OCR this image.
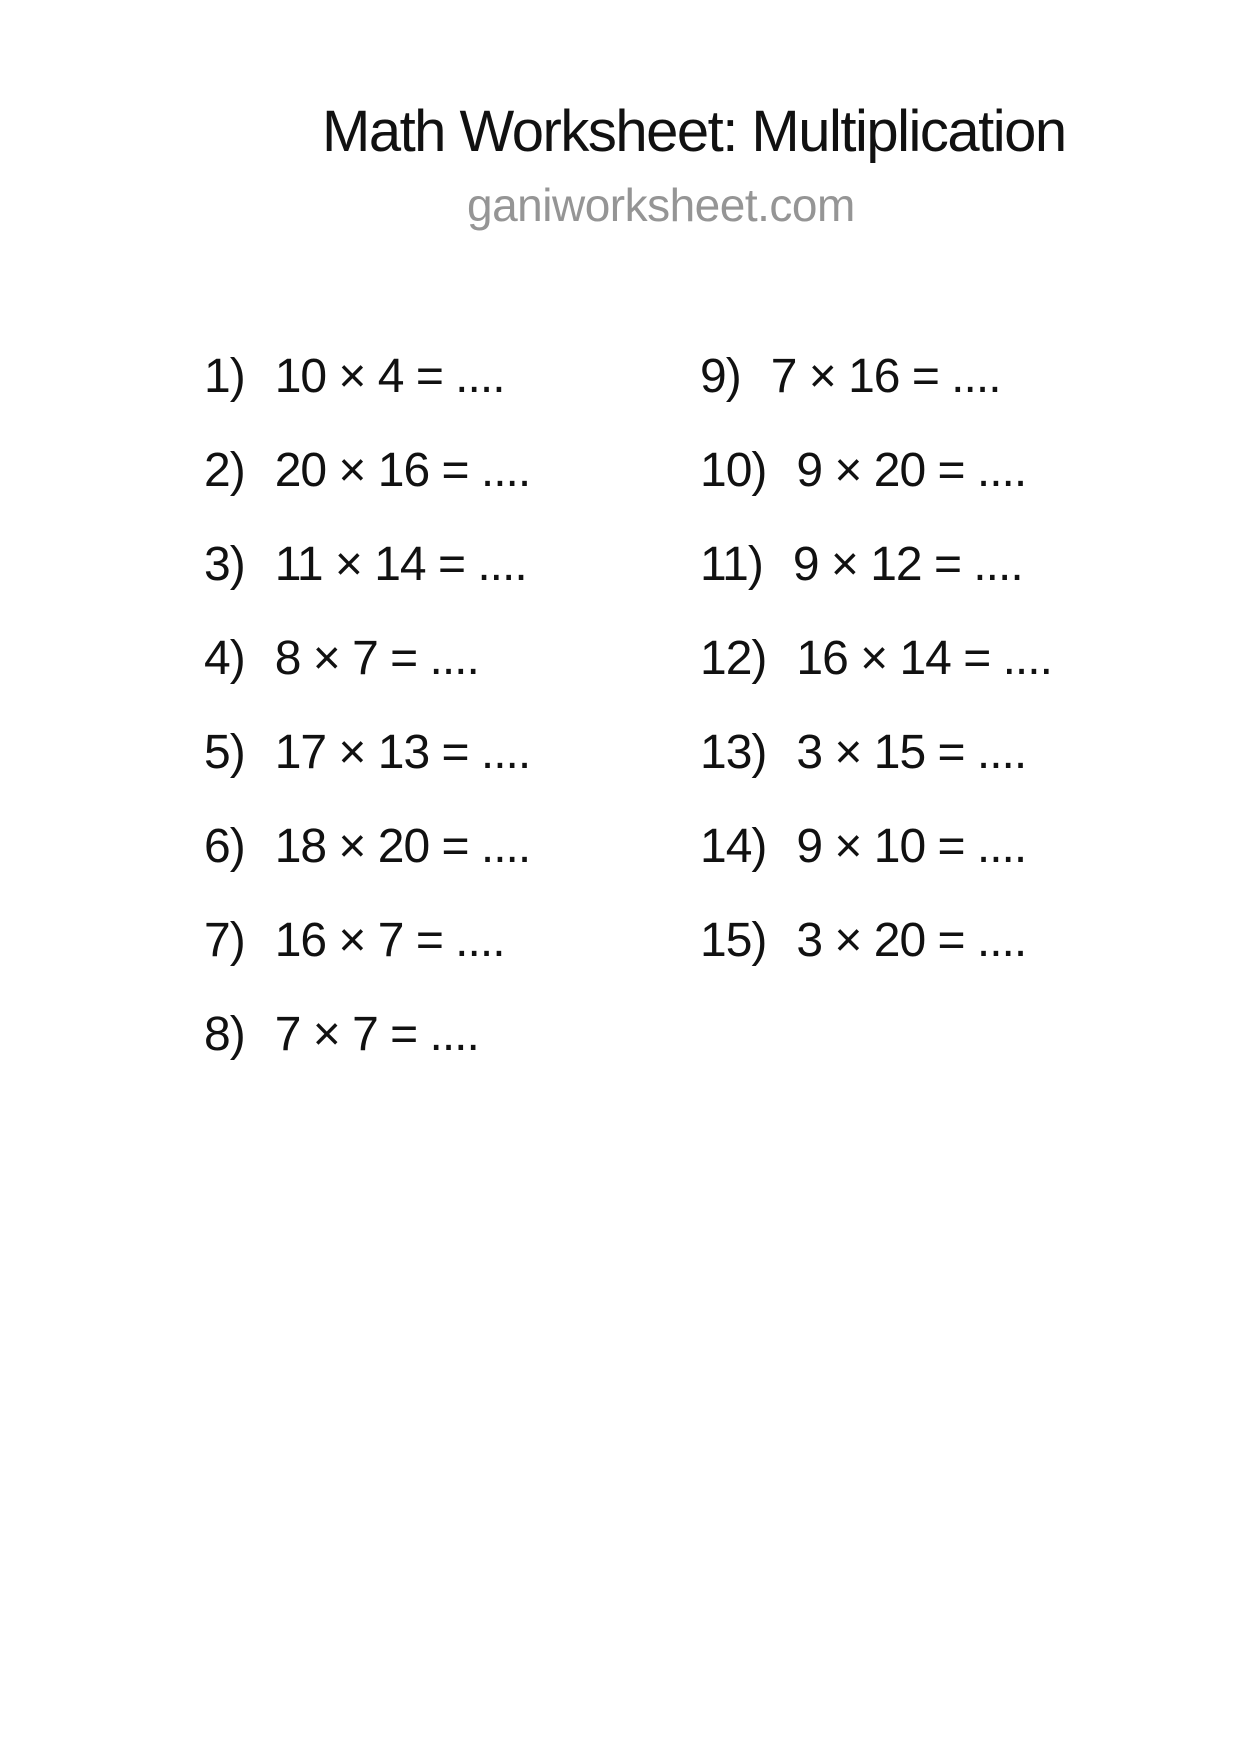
Math Worksheet: Multiplication
ganiworksheet.com
1) 10 × 4 = ....
2) 20 × 16 = ....
3) 11 × 14 = ....
4) 8 × 7 = ....
5) 17 × 13 = ....
6) 18 × 20 = ....
7) 16 × 7 = ....
8) 7 × 7 = ....
9) 7 × 16 = ....
10) 9 × 20 = ....
11) 9 × 12 = ....
12) 16 × 14 = ....
13) 3 × 15 = ....
14) 9 × 10 = ....
15) 3 × 20 = ....
